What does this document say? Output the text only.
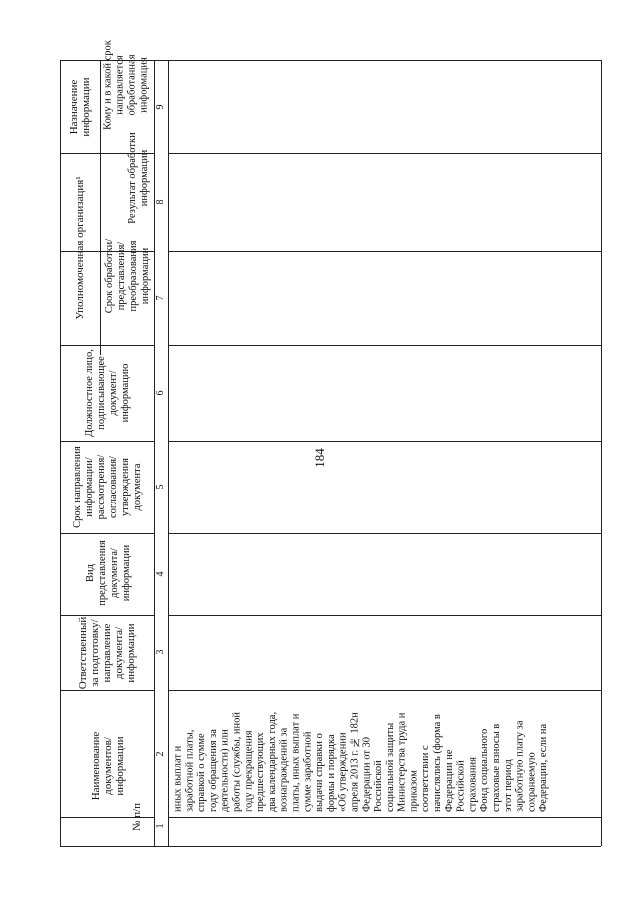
184
Назначение информации
Уполномоченная организация¹
№ п/п
Наименование документов/ информации
Ответственный за подготовку/ направление документа/ информации
Вид представления документа/ информации
Срок направления информации/ рассмотрения/ согласования/ утверждения документа
Должностное лицо, подписывающее документ/ информацию
Срок обработки/ представления/ преобразования информации
Результат обработки информации
Кому и в какой срок направляется обработанная информация
1
2
3
4
5
6
7
8
9
Федерации, если на
сохраняемую
заработную плату за
этот период
страховые взносы в
Фонд социального
страхования
Российской
Федерации не
начислялись (форма в
соответствии с
приказом
Министерства труда и
социальной защиты
Российской
Федерации от 30
апреля 2013 г. № 182н
«Об утверждении
формы и порядка
выдачи справки о
сумме заработной
платы, иных выплат и
вознаграждений за
два календарных года,
предшествующих
году прекращения
работы (службы, иной
деятельности) или
году обращения за
справкой о сумме
заработной платы,
иных выплат и
